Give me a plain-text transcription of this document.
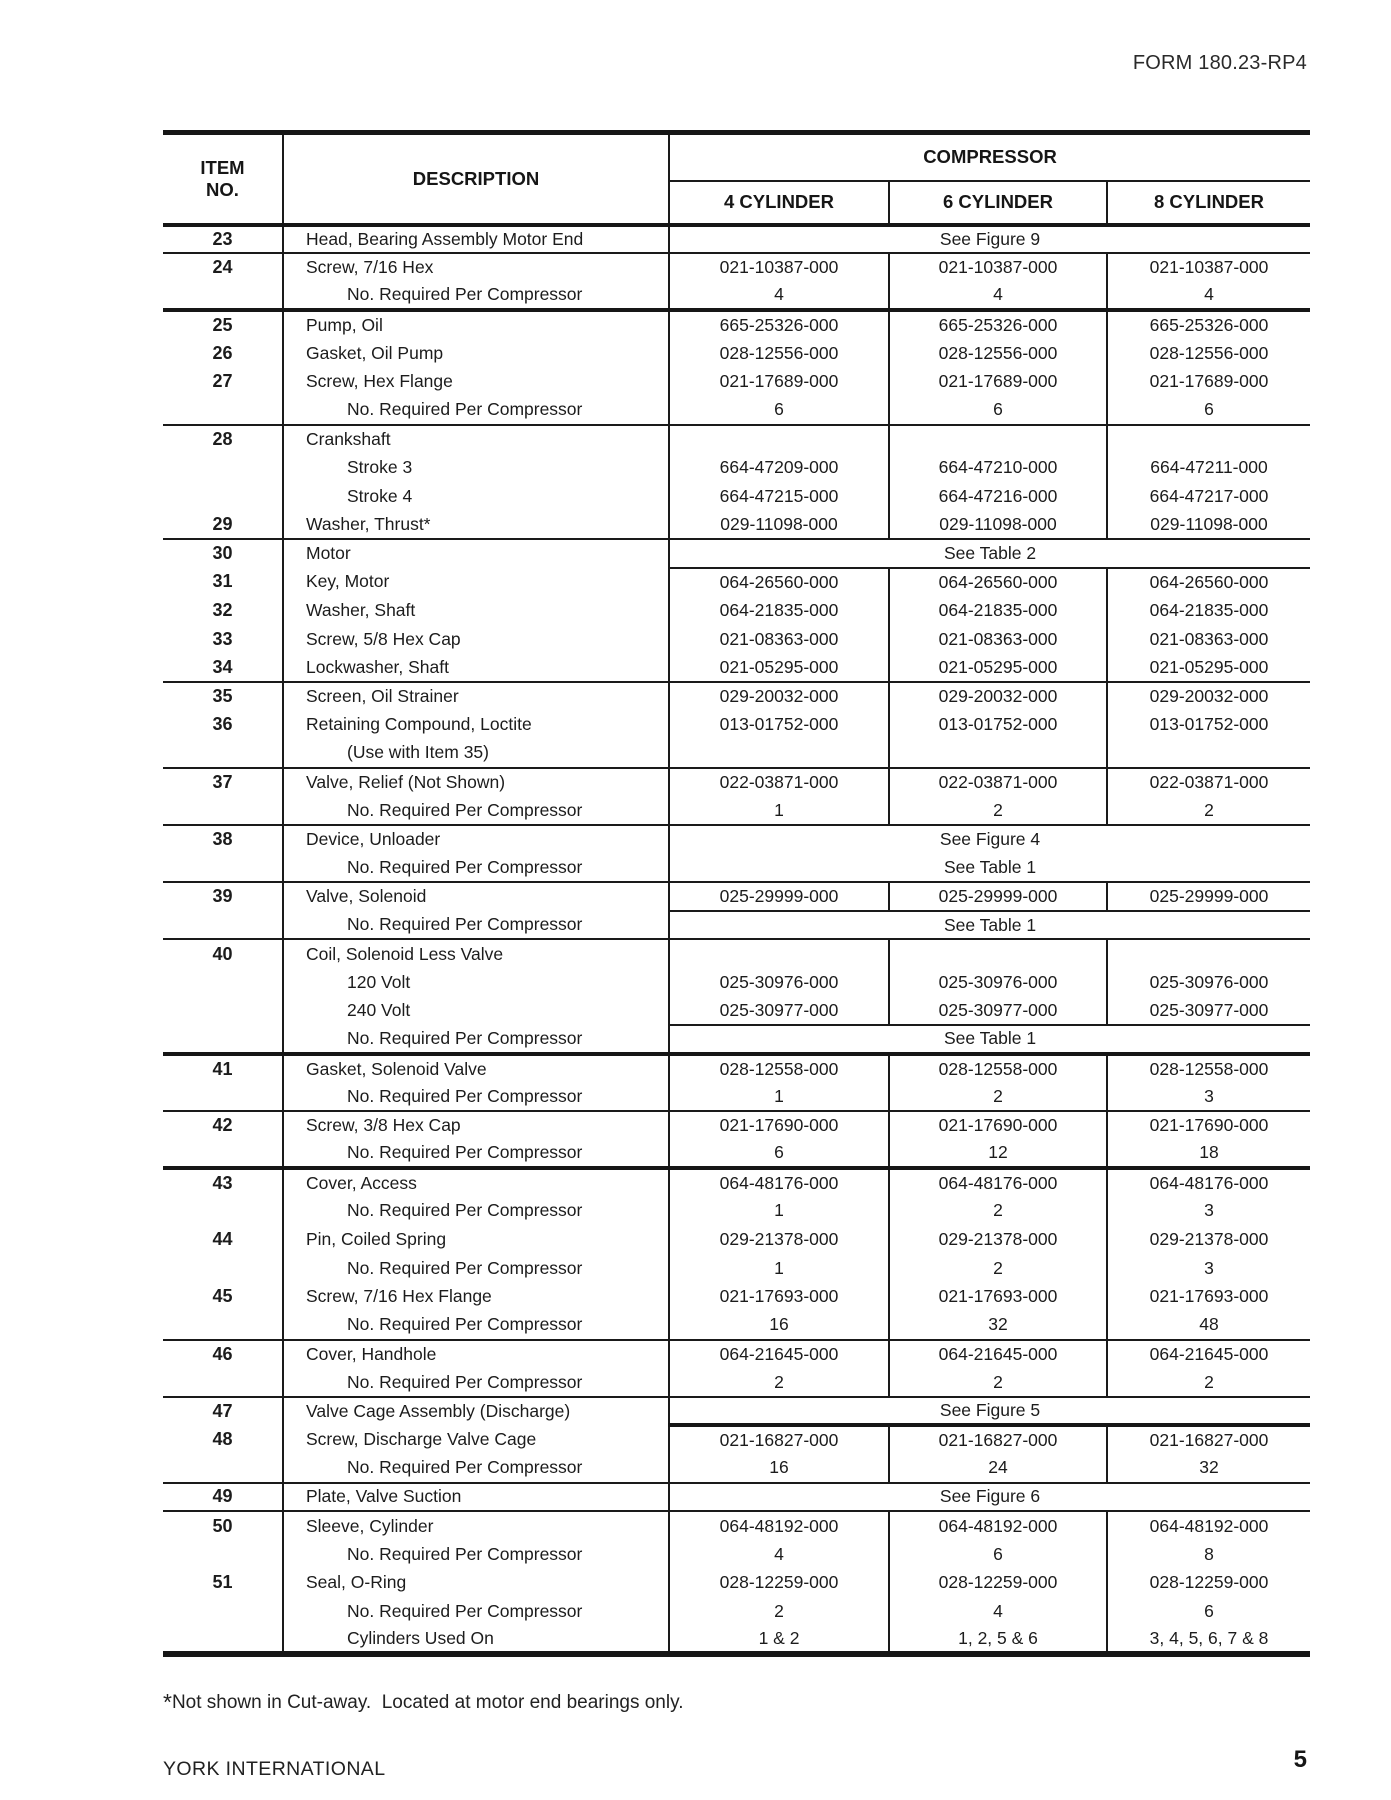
FORM 180.23-RP4
ITEM
NO.	DESCRIPTION	COMPRESSOR		
		4 CYLINDER	6 CYLINDER	8 CYLINDER
23	Head, Bearing Assembly Motor End	See Figure 9		
24	Screw, 7/16 Hex	021-10387-000	021-10387-000	021-10387-000
	No. Required Per Compressor	4	4	4
25	Pump, Oil	665-25326-000	665-25326-000	665-25326-000
26	Gasket, Oil Pump	028-12556-000	028-12556-000	028-12556-000
27	Screw, Hex Flange	021-17689-000	021-17689-000	021-17689-000
	No. Required Per Compressor	6	6	6
28	Crankshaft			
	Stroke 3	664-47209-000	664-47210-000	664-47211-000
	Stroke 4	664-47215-000	664-47216-000	664-47217-000
29	Washer, Thrust*	029-11098-000	029-11098-000	029-11098-000
30	Motor	See Table 2		
31	Key, Motor	064-26560-000	064-26560-000	064-26560-000
32	Washer, Shaft	064-21835-000	064-21835-000	064-21835-000
33	Screw, 5/8 Hex Cap	021-08363-000	021-08363-000	021-08363-000
34	Lockwasher, Shaft	021-05295-000	021-05295-000	021-05295-000
35	Screen, Oil Strainer	029-20032-000	029-20032-000	029-20032-000
36	Retaining Compound, Loctite	013-01752-000	013-01752-000	013-01752-000
	(Use with Item 35)			
37	Valve, Relief (Not Shown)	022-03871-000	022-03871-000	022-03871-000
	No. Required Per Compressor	1	2	2
38	Device, Unloader	See Figure 4		
	No. Required Per Compressor	See Table 1		
39	Valve, Solenoid	025-29999-000	025-29999-000	025-29999-000
	No. Required Per Compressor	See Table 1		
40	Coil, Solenoid Less Valve			
	120 Volt	025-30976-000	025-30976-000	025-30976-000
	240 Volt	025-30977-000	025-30977-000	025-30977-000
	No. Required Per Compressor	See Table 1		
41	Gasket, Solenoid Valve	028-12558-000	028-12558-000	028-12558-000
	No. Required Per Compressor	1	2	3
42	Screw, 3/8 Hex Cap	021-17690-000	021-17690-000	021-17690-000
	No. Required Per Compressor	6	12	18
43	Cover, Access	064-48176-000	064-48176-000	064-48176-000
	No. Required Per Compressor	1	2	3
44	Pin, Coiled Spring	029-21378-000	029-21378-000	029-21378-000
	No. Required Per Compressor	1	2	3
45	Screw, 7/16 Hex Flange	021-17693-000	021-17693-000	021-17693-000
	No. Required Per Compressor	16	32	48
46	Cover, Handhole	064-21645-000	064-21645-000	064-21645-000
	No. Required Per Compressor	2	2	2
47	Valve Cage Assembly (Discharge)	See Figure 5		
48	Screw, Discharge Valve Cage	021-16827-000	021-16827-000	021-16827-000
	No. Required Per Compressor	16	24	32
49	Plate, Valve Suction	See Figure 6		
50	Sleeve, Cylinder	064-48192-000	064-48192-000	064-48192-000
	No. Required Per Compressor	4	6	8
51	Seal, O-Ring	028-12259-000	028-12259-000	028-12259-000
	No. Required Per Compressor	2	4	6
	Cylinders Used On	1 & 2	1, 2, 5 & 6	3, 4, 5, 6, 7 & 8
*Not shown in Cut-away.  Located at motor end bearings only.
YORK INTERNATIONAL	5
